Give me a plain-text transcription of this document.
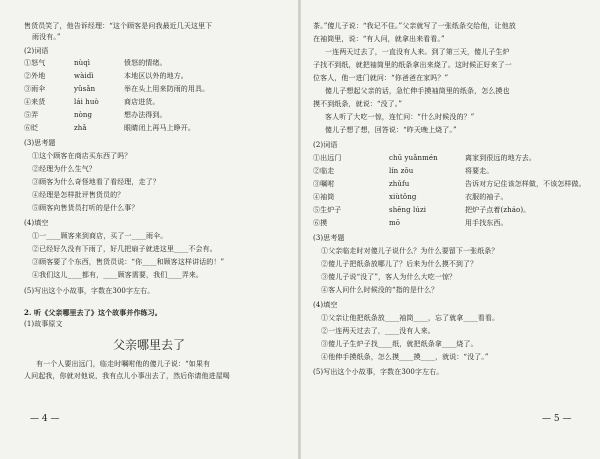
售货员笑了，他告诉经理：“这个顾客是问我最近几天这里下
雨没有。”
(2)词语
①怒气	nùqì	愤怒的情绪。
②外地	wàidì	本地区以外的地方。
③雨伞	yǔsǎn	举在头上用来防雨的用具。
④来货	lái huò	商店进货。
⑤弄	nòng	想办法得到。
⑥眨	zhǎ	眼睛闭上再马上睁开。
(3)思考题
①这个顾客在商店买东西了吗？
②经理为什么生气？
③顾客为什么奇怪地看了看经理，走了？
④经理是怎样批评售货员的？
⑤顾客向售货员打听的是什么事？
(4)填空
①一____顾客来到商店，买了一____雨伞。
②已经好久没有下雨了，好几把扇子就进这里____不会有。
③顾客要了个东西，售货员说：“你____和顾客这样讲话的！”
④我们这儿____都有，____顾客需要，我们____弄来。
(5)写出这个小故事，字数在300字左右。
2. 听《父亲哪里去了》这个故事并作练习。
(1)故事原文
父亲哪里去了
有一个人要出远门，临走时嘱咐他的傻儿子说：“如果有
人问起我，你就对他说，我有点儿小事出去了，然后你请他进屋喝
— 4 —
茶。”傻儿子说：“我记不住。”父亲就写了一张纸条交给他，让他放
在袖筒里，说：“有人问，就拿出来看看。”
一连两天过去了，一直没有人来。到了第三天，傻儿子生炉
子找不到纸，就把袖筒里的纸条拿出来烧了。这时候正好来了一
位客人，他一进门就问：“你爸爸在家吗？”
傻儿子想起父亲的话，急忙伸手摸袖筒里的纸条，怎么摸也
摸不到纸条，就说：“没了。”
客人听了大吃一惊，连忙问：“什么时候没的？”
傻儿子想了想，回答说：“昨天晚上烧了。”
(2)词语
①出远门	chū yuǎnmén	离家到很远的地方去。
②临走	lín zǒu	将要走。
③嘱咐	zhǔfu	告诉对方记住该怎样做，不该怎样做。
④袖筒	xiùtǒng	衣服的袖子。
⑤生炉子	shēng lúzi	把炉子点着(zháo)。
⑥摸	mō	用手找东西。
(3)思考题
①父亲临走时对傻儿子说什么？为什么要留下一张纸条？
②傻儿子把纸条放哪儿了？后来为什么摸不到了？
③傻儿子说“没了”，客人为什么大吃一惊？
④客人问什么时候没的“指的是什么？
(4)填空
①父亲让他把纸条放____袖筒____，忘了就拿____看看。
②一连两天过去了，____没有人来。
③傻儿子生炉子找____纸，就把纸条拿____烧了。
④他伸手摸纸条，怎么摸____摸____，就说：“没了。”
(5)写出这个小故事，字数在300字左右。
— 5 —
